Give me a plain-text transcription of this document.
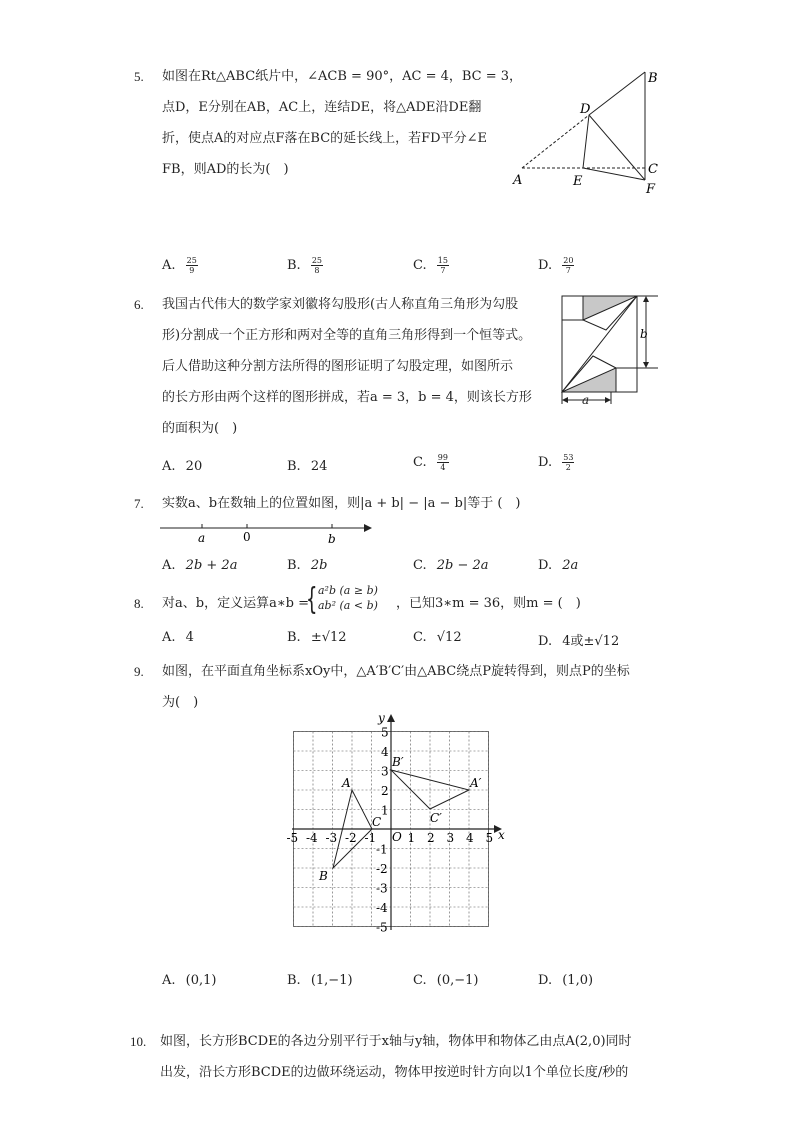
5. 如图在Rt△ABC纸片中，∠ACB = 90°，AC = 4，BC = 3，
点D，E分别在AB，AC上，连结DE，将△ADE沿DE翻
折，使点A的对应点F落在BC的延长线上，若FD平分∠E
FB，则AD的长为(　)
A
B
C
D
E
F
A. $\frac{25}{9}$	B. $\frac{25}{8}$	C. $\frac{15}{7}$	D. $\frac{20}{7}$
6. 我国古代伟大的数学家刘徽将勾股形(古人称直角三角形为勾股
形)分割成一个正方形和两对全等的直角三角形得到一个恒等式。
后人借助这种分割方法所得的图形证明了勾股定理，如图所示
的长方形由两个这样的图形拼成，若a = 3，b = 4，则该长方形
的面积为(　)
b
a
A. 20	B. 24	C. $\frac{99}{4}$	D. $\frac{53}{2}$
7. 实数a、b在数轴上的位置如图，则|a + b| − |a − b|等于 (　)
a	0	b
A. 2b + 2a	B. 2b	C. 2b − 2a	D. 2a
8. 对a、b，定义运算a∗b =
{ a²b (a ≥ b)
ab² (a < b) ，已知3∗m = 36，则m = (　)
A. 4	B. ±√12	C. √12	D. 4或±√12
9. 如图，在平面直角坐标系xOy中，△A′B′C′由△ABC绕点P旋转得到，则点P的坐标
为(　)
x
y
O
-5 -4 -3 -2 -1	1 2 3 4 5
5
4
3
2
1
-1
-2
-3
-4
-5
A
B
C
A′
B′
C′
A. (0,1)	B. (1,−1)	C. (0,−1)	D. (1,0)
10. 如图，长方形BCDE的各边分别平行于x轴与y轴，物体甲和物体乙由点A(2,0)同时
出发，沿长方形BCDE的边做环绕运动，物体甲按逆时针方向以1个单位长度/秒的
